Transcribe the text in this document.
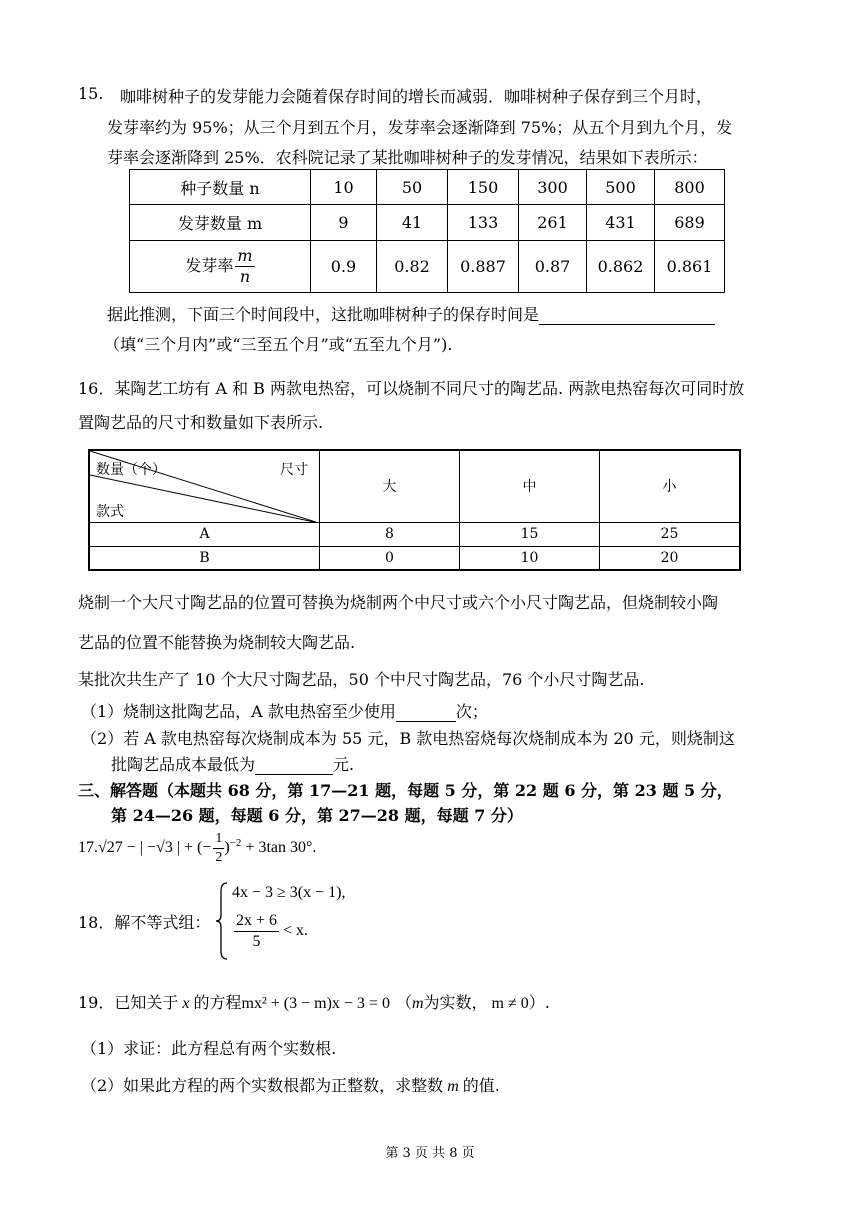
15. 咖啡树种子的发芽能力会随着保存时间的增长而减弱．咖啡树种子保存到三个月时，
发芽率约为 95%；从三个月到五个月，发芽率会逐渐降到 75%；从五个月到九个月，发
芽率会逐渐降到 25%．农科院记录了某批咖啡树种子的发芽情况，结果如下表所示：
种子数量 n	10	50	150	300	500	800
发芽数量 m	9	41	133	261	431	689
发芽率 $\frac{m}{n}$	0.9	0.82	0.887	0.87	0.862	0.861
据此推测，下面三个时间段中，这批咖啡树种子的保存时间是
（填“三个月内”或“三至五个月”或“五至九个月”).
16．某陶艺工坊有 A 和 B 两款电热窑，可以烧制不同尺寸的陶艺品. 两款电热窑每次可同时放
置陶艺品的尺寸和数量如下表所示.
数量（个） 尺寸
款式	大	中	小
A	8	15	25
B	0	10	20
烧制一个大尺寸陶艺品的位置可替换为烧制两个中尺寸或六个小尺寸陶艺品，但烧制较小陶
艺品的位置不能替换为烧制较大陶艺品.
某批次共生产了 10 个大尺寸陶艺品，50 个中尺寸陶艺品，76 个小尺寸陶艺品.
（1）烧制这批陶艺品，A 款电热窑至少使用	次；
（2）若 A 款电热窑每次烧制成本为 55 元，B 款电热窑烧每次烧制成本为 20 元，则烧制这
批陶艺品成本最低为	元.
三、解答题（本题共 68 分，第 17—21 题，每题 5 分，第 22 题 6 分，第 23 题 5 分，
第 24—26 题，每题 6 分，第 27—28 题，每题 7 分）
17.√27 − | −√3 | + (− $\frac{1}{2} )^{-2} + 3\tan$ 30°.
18．解不等式组：
4x − 3 ≥ 3(x − 1),
$\frac{2x + 6}{5} < x$.
19．已知关于 x 的方程mx² + (3 − m)x − 3 = 0 （m为实数， m ≠ 0）.
（1）求证：此方程总有两个实数根.
（2）如果此方程的两个实数根都为正整数，求整数 m 的值.
第 3 页 共 8 页
